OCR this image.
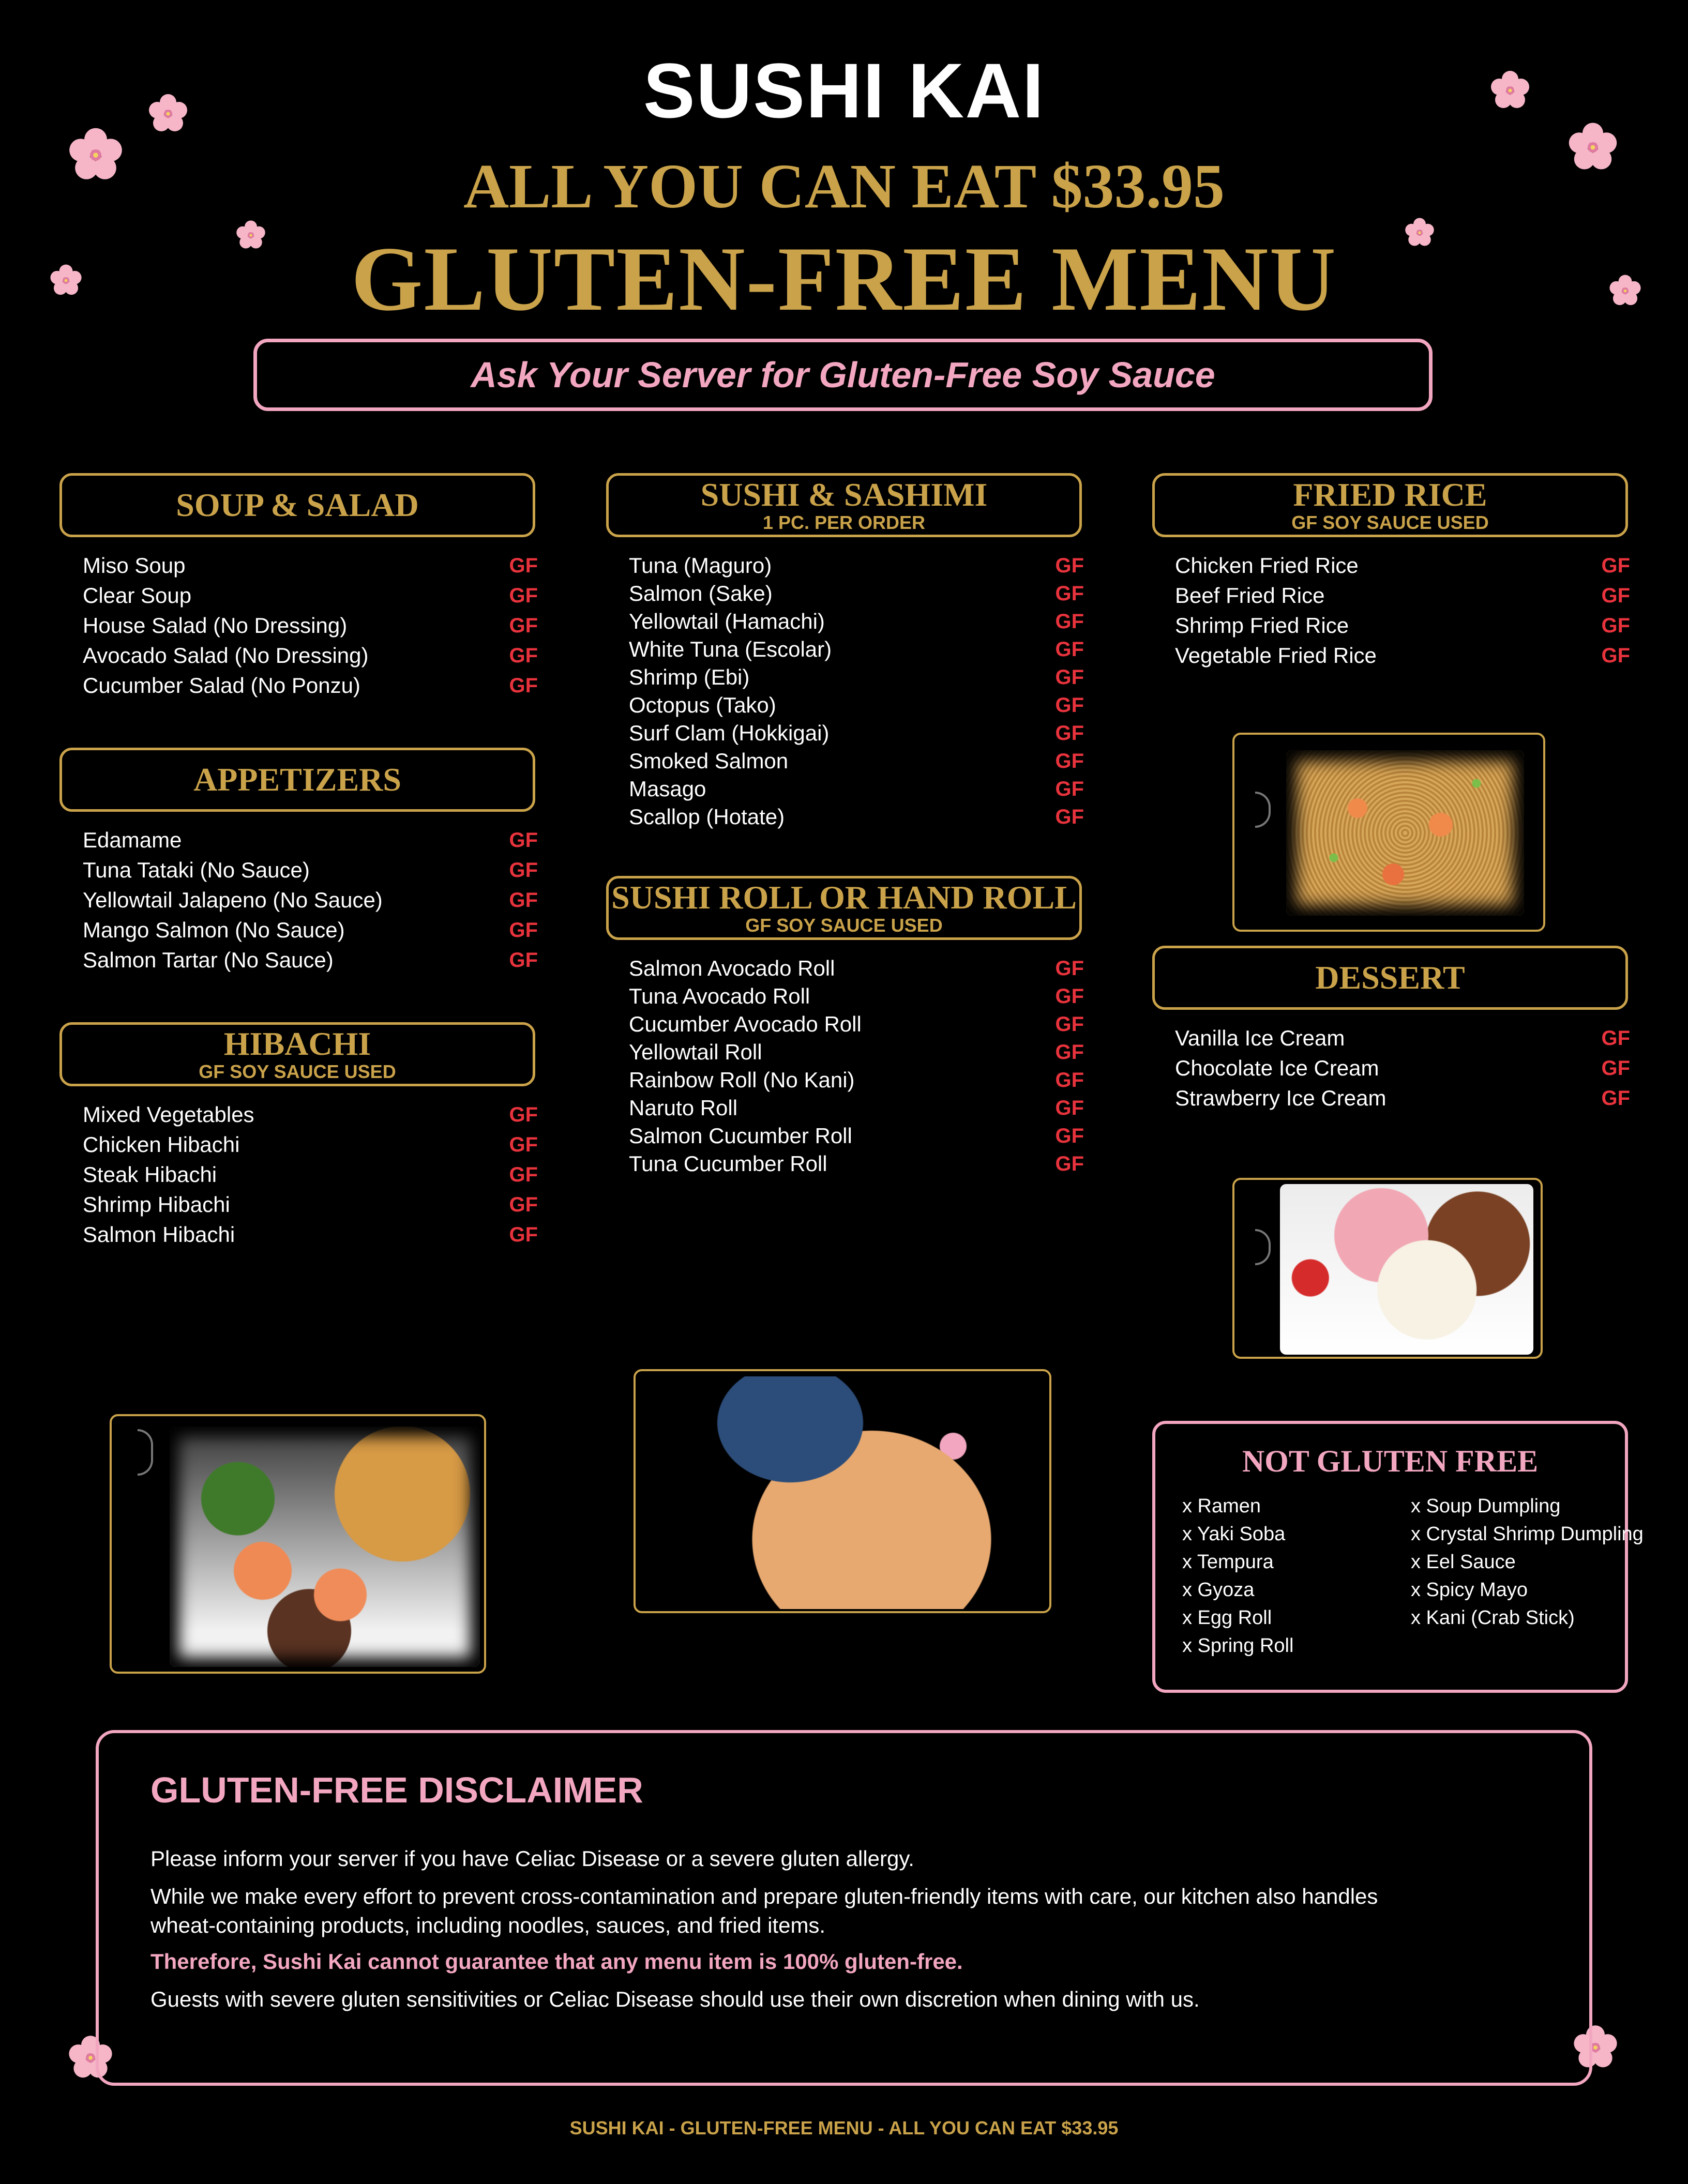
SUSHI KAI
ALL YOU CAN EAT $33.95
GLUTEN-FREE MENU
Ask Your Server for Gluten-Free Soy Sauce
SOUP & SALAD
Miso Soup	GF
Clear Soup	GF
House Salad (No Dressing)	GF
Avocado Salad (No Dressing)	GF
Cucumber Salad (No Ponzu)	GF
APPETIZERS
Edamame	GF
Tuna Tataki (No Sauce)	GF
Yellowtail Jalapeno (No Sauce)	GF
Mango Salmon (No Sauce)	GF
Salmon Tartar (No Sauce)	GF
HIBACHI
GF SOY SAUCE USED
Mixed Vegetables	GF
Chicken Hibachi	GF
Steak Hibachi	GF
Shrimp Hibachi	GF
Salmon Hibachi	GF
SUSHI & SASHIMI
1 PC. PER ORDER
Tuna (Maguro)	GF
Salmon (Sake)	GF
Yellowtail (Hamachi)	GF
White Tuna (Escolar)	GF
Shrimp (Ebi)	GF
Octopus (Tako)	GF
Surf Clam (Hokkigai)	GF
Smoked Salmon	GF
Masago	GF
Scallop (Hotate)	GF
SUSHI ROLL OR HAND ROLL
GF SOY SAUCE USED
Salmon Avocado Roll	GF
Tuna Avocado Roll	GF
Cucumber Avocado Roll	GF
Yellowtail Roll	GF
Rainbow Roll (No Kani)	GF
Naruto Roll	GF
Salmon Cucumber Roll	GF
Tuna Cucumber Roll	GF
FRIED RICE
GF SOY SAUCE USED
Chicken Fried Rice	GF
Beef Fried Rice	GF
Shrimp Fried Rice	GF
Vegetable Fried Rice	GF
DESSERT
Vanilla Ice Cream	GF
Chocolate Ice Cream	GF
Strawberry Ice Cream	GF
NOT GLUTEN FREE
x Ramen
x Yaki Soba
x Tempura
x Gyoza
x Egg Roll
x Spring Roll
x Soup Dumpling
x Crystal Shrimp Dumpling
x Eel Sauce
x Spicy Mayo
x Kani (Crab Stick)
GLUTEN-FREE DISCLAIMER
Please inform your server if you have Celiac Disease or a severe gluten allergy.
While we make every effort to prevent cross-contamination and prepare gluten-friendly items with care, our kitchen also handles wheat-containing products, including noodles, sauces, and fried items.
Therefore, Sushi Kai cannot guarantee that any menu item is 100% gluten-free.
Guests with severe gluten sensitivities or Celiac Disease should use their own discretion when dining with us.
SUSHI KAI - GLUTEN-FREE MENU - ALL YOU CAN EAT $33.95
